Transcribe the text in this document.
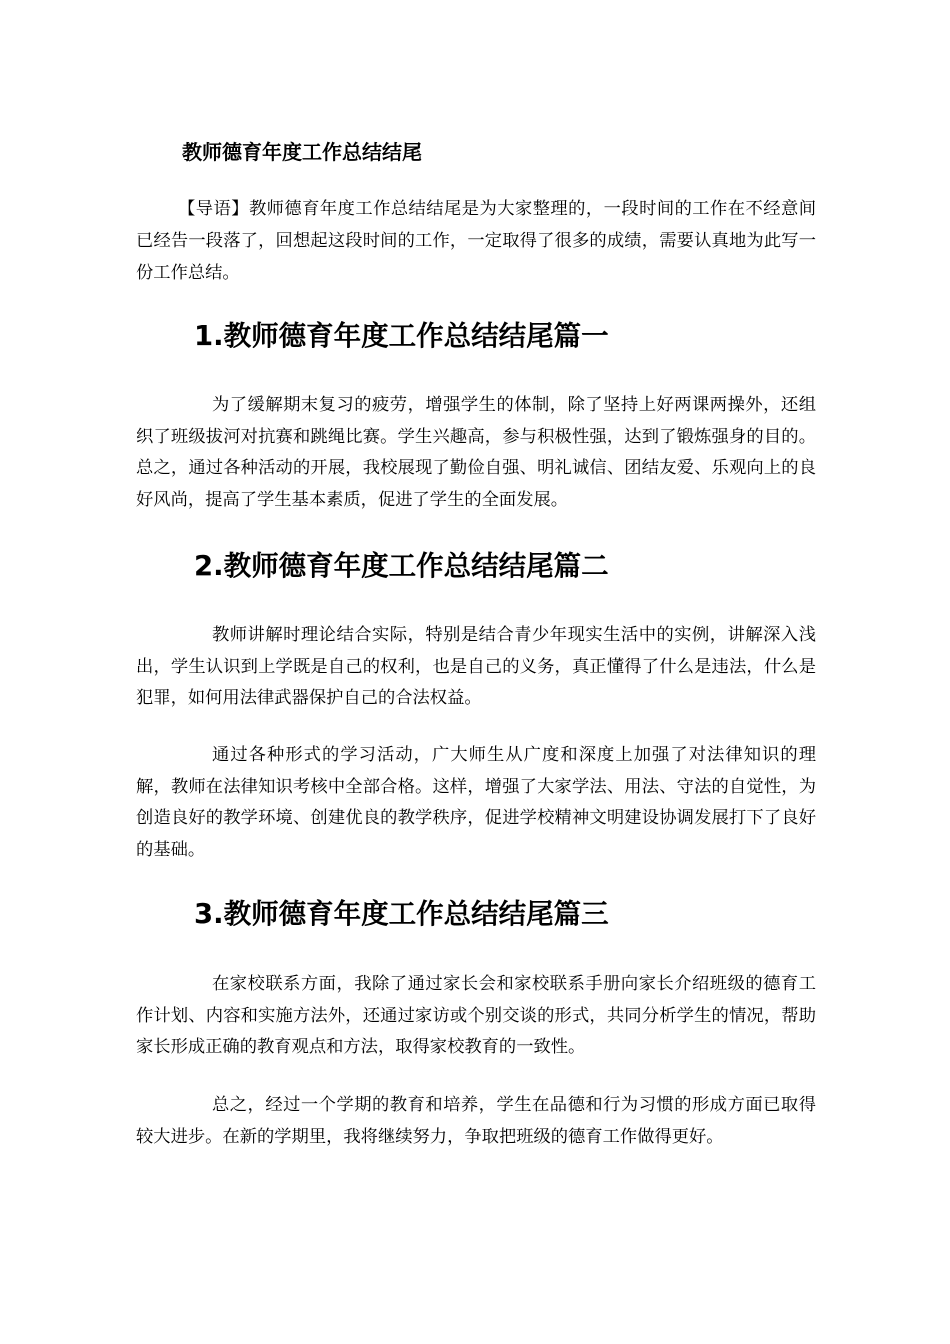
教师德育年度工作总结结尾

【导语】教师德育年度工作总结结尾是为大家整理的，一段时间的工作在不经意间已经告一段落了，回想起这段时间的工作，一定取得了很多的成绩，需要认真地为此写一份工作总结。

1.教师德育年度工作总结结尾篇一

为了缓解期末复习的疲劳，增强学生的体制，除了坚持上好两课两操外，还组织了班级拔河对抗赛和跳绳比赛。学生兴趣高，参与积极性强，达到了锻炼强身的目的。总之，通过各种活动的开展，我校展现了勤俭自强、明礼诚信、团结友爱、乐观向上的良好风尚，提高了学生基本素质，促进了学生的全面发展。

2.教师德育年度工作总结结尾篇二

教师讲解时理论结合实际，特别是结合青少年现实生活中的实例，讲解深入浅出，学生认识到上学既是自己的权利，也是自己的义务，真正懂得了什么是违法，什么是犯罪，如何用法律武器保护自己的合法权益。

通过各种形式的学习活动，广大师生从广度和深度上加强了对法律知识的理解，教师在法律知识考核中全部合格。这样，增强了大家学法、用法、守法的自觉性，为创造良好的教学环境、创建优良的教学秩序，促进学校精神文明建设协调发展打下了良好的基础。

3.教师德育年度工作总结结尾篇三

在家校联系方面，我除了通过家长会和家校联系手册向家长介绍班级的德育工作计划、内容和实施方法外，还通过家访或个别交谈的形式，共同分析学生的情况，帮助家长形成正确的教育观点和方法，取得家校教育的一致性。

总之，经过一个学期的教育和培养，学生在品德和行为习惯的形成方面已取得较大进步。在新的学期里，我将继续努力，争取把班级的德育工作做得更好。
